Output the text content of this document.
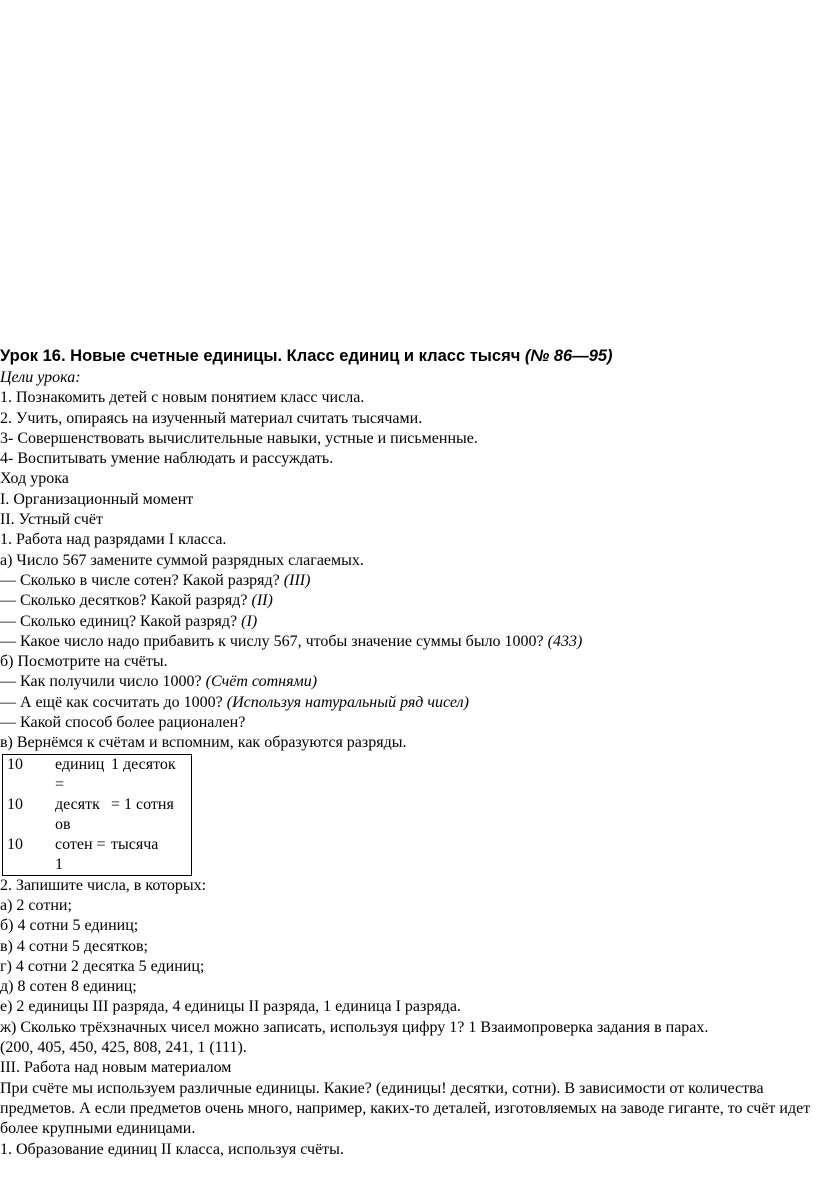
Урок 16. Новые счетные единицы. Класс единиц и класс тысяч (№ 86—95)
Цели урока:
1. Познакомить детей с новым понятием класс числа.
2. Учить, опираясь на изученный материал считать тысячами.
3- Совершенствовать вычислительные навыки, устные и письменные.
4- Воспитывать умение наблюдать и рассуждать.
Ход урока
I. Организационный момент
II. Устный счёт
1. Работа над разрядами I класса.
а) Число 567 замените суммой разрядных слагаемых.
— Сколько в числе сотен? Какой разряд? (III)
— Сколько десятков? Какой разряд? (II)
— Сколько единиц? Какой разряд? (I)
— Какое число надо прибавить к числу 567, чтобы значение суммы было 1000? (433)
б) Посмотрите на счёты.
— Как получили число 1000? (Счёт сотнями)
— А ещё как сосчитать до 1000? (Используя натуральный ряд чисел)
— Какой способ более рационален?
в) Вернёмся к счётам и вспомним, как образуются разряды.
10	единиц =	1 десяток
10	десятков	= 1 сотня
10	сотен =1	тысяча
2. Запишите числа, в которых:
а) 2 сотни;
б) 4 сотни 5 единиц;
в) 4 сотни 5 десятков;
г) 4 сотни 2 десятка 5 единиц;
д) 8 сотен 8 единиц;
е) 2 единицы III разряда, 4 единицы II разряда, 1 единица I разряда.
ж) Сколько трёхзначных чисел можно записать, используя цифру 1? 1 Взаимопроверка задания в парах.
(200, 405, 450, 425, 808, 241, 1 (111).
III. Работа над новым материалом
При счёте мы используем различные единицы. Какие? (единицы! десятки, сотни). В зависимости от количества предметов. А если предметов очень много, например, каких-то деталей, изготовляемых на заводе гиганте, то счёт идет более крупными единицами.
1. Образование единиц II класса, используя счёты.
